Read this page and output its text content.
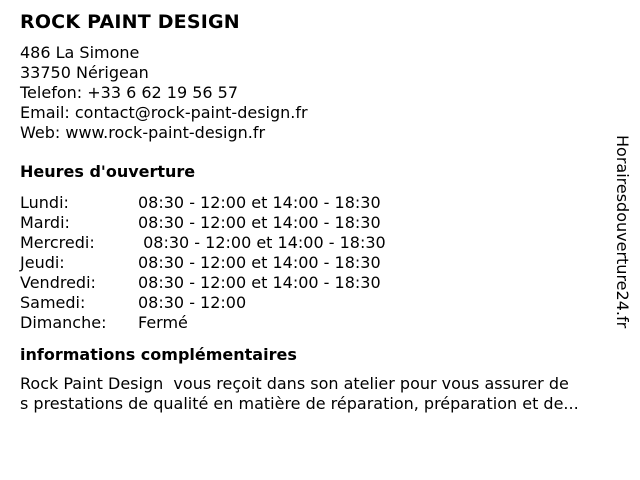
ROCK PAINT DESIGN
486 La Simone
33750 Nérigean
Telefon: +33 6 62 19 56 57
Email: contact@rock-paint-design.fr
Web: www.rock-paint-design.fr
Heures d'ouverture
Lundi:	08:30 - 12:00 et 14:00 - 18:30
Mardi:	08:30 - 12:00 et 14:00 - 18:30
Mercredi:	08:30 - 12:00 et 14:00 - 18:30
Jeudi:	08:30 - 12:00 et 14:00 - 18:30
Vendredi:	08:30 - 12:00 et 14:00 - 18:30
Samedi:	08:30 - 12:00
Dimanche: Fermé
informations complémentaires
Rock Paint Design  vous reçoit dans son atelier pour vous assurer de
s prestations de qualité en matière de réparation, préparation et de...
Horairesdouverture24.fr
